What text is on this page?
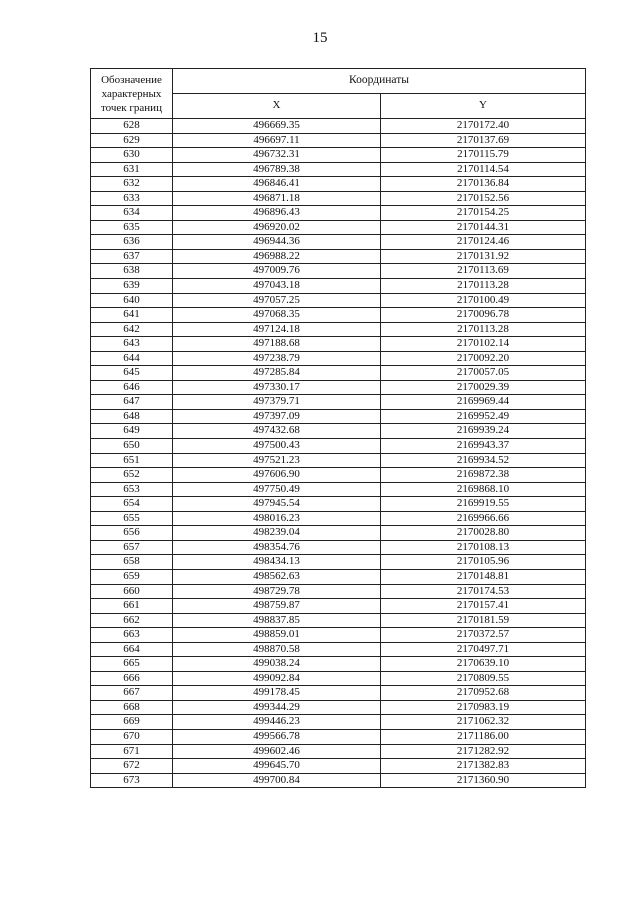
15
Обозначение
характерных
точек границ	Координаты	
	X	Y
628	496669.35	2170172.40
629	496697.11	2170137.69
630	496732.31	2170115.79
631	496789.38	2170114.54
632	496846.41	2170136.84
633	496871.18	2170152.56
634	496896.43	2170154.25
635	496920.02	2170144.31
636	496944.36	2170124.46
637	496988.22	2170131.92
638	497009.76	2170113.69
639	497043.18	2170113.28
640	497057.25	2170100.49
641	497068.35	2170096.78
642	497124.18	2170113.28
643	497188.68	2170102.14
644	497238.79	2170092.20
645	497285.84	2170057.05
646	497330.17	2170029.39
647	497379.71	2169969.44
648	497397.09	2169952.49
649	497432.68	2169939.24
650	497500.43	2169943.37
651	497521.23	2169934.52
652	497606.90	2169872.38
653	497750.49	2169868.10
654	497945.54	2169919.55
655	498016.23	2169966.66
656	498239.04	2170028.80
657	498354.76	2170108.13
658	498434.13	2170105.96
659	498562.63	2170148.81
660	498729.78	2170174.53
661	498759.87	2170157.41
662	498837.85	2170181.59
663	498859.01	2170372.57
664	498870.58	2170497.71
665	499038.24	2170639.10
666	499092.84	2170809.55
667	499178.45	2170952.68
668	499344.29	2170983.19
669	499446.23	2171062.32
670	499566.78	2171186.00
671	499602.46	2171282.92
672	499645.70	2171382.83
673	499700.84	2171360.90
